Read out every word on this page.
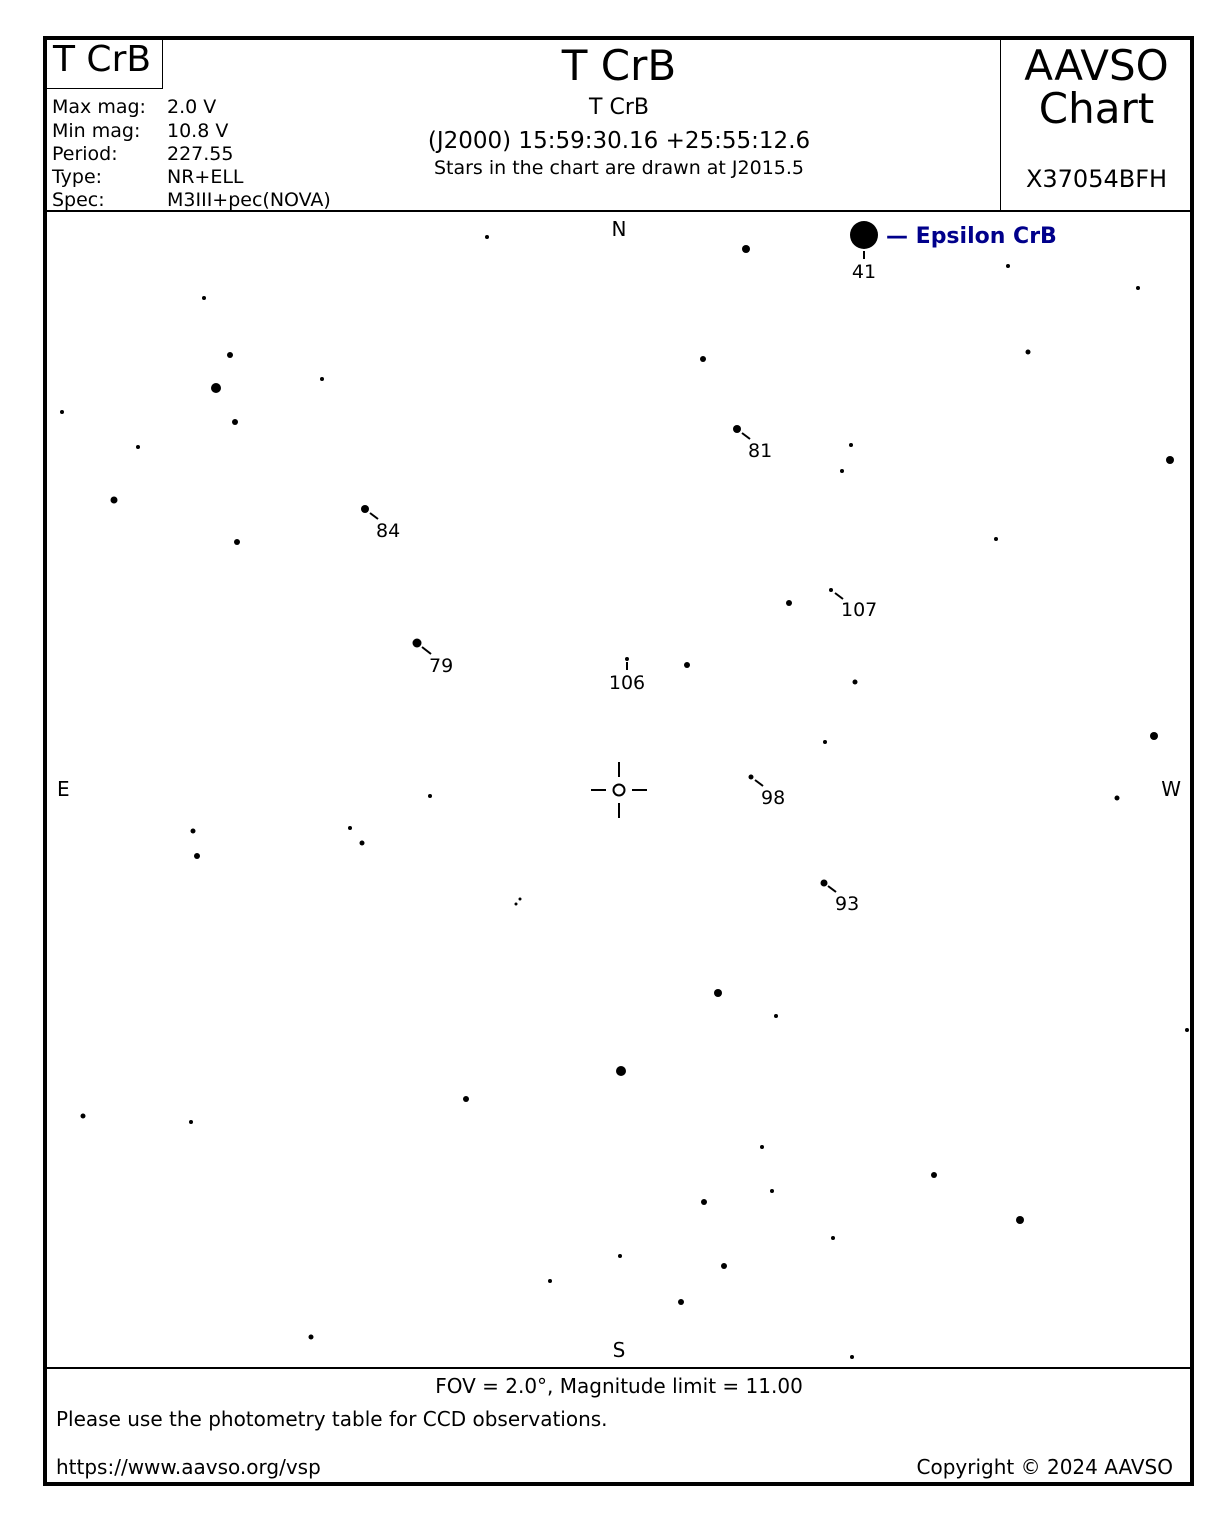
T CrB
Max mag: 2.0 V
Min mag: 10.8 V
Period:	227.55
Type:	NR+ELL
Spec:	M3III+pec(NOVA)
T CrB
T CrB
(J2000) 15:59:30.16 +25:55:12.6
Stars in the chart are drawn at J2015.5
AAVSO
Chart
X37054BFH
41
81
84
107
79
106
98
93
— Epsilon CrB
N
S
E	W
FOV = 2.0°, Magnitude limit = 11.00
Please use the photometry table for CCD observations.
https://www.aavso.org/vsp	Copyright © 2024 AAVSO
